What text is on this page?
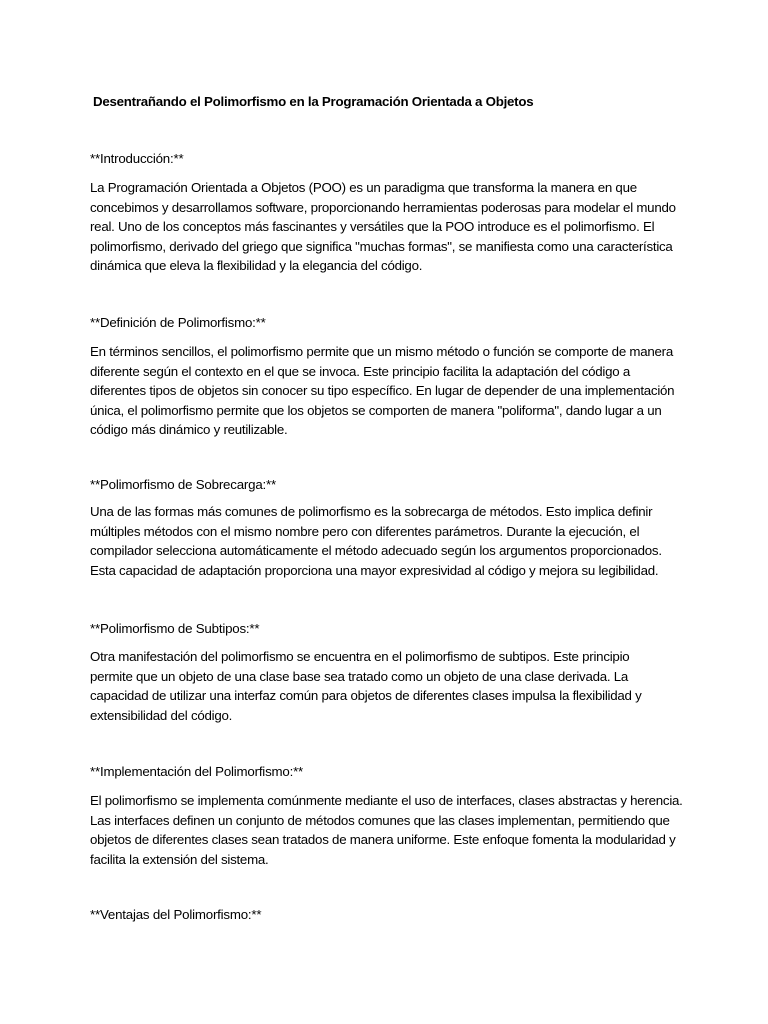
Desentrañando el Polimorfismo en la Programación Orientada a Objetos
**Introducción:**
La Programación Orientada a Objetos (POO) es un paradigma que transforma la manera en que
concebimos y desarrollamos software, proporcionando herramientas poderosas para modelar el mundo
real. Uno de los conceptos más fascinantes y versátiles que la POO introduce es el polimorfismo. El
polimorfismo, derivado del griego que significa "muchas formas", se manifiesta como una característica
dinámica que eleva la flexibilidad y la elegancia del código.
**Definición de Polimorfismo:**
En términos sencillos, el polimorfismo permite que un mismo método o función se comporte de manera
diferente según el contexto en el que se invoca. Este principio facilita la adaptación del código a
diferentes tipos de objetos sin conocer su tipo específico. En lugar de depender de una implementación
única, el polimorfismo permite que los objetos se comporten de manera "poliforma", dando lugar a un
código más dinámico y reutilizable.
**Polimorfismo de Sobrecarga:**
Una de las formas más comunes de polimorfismo es la sobrecarga de métodos. Esto implica definir
múltiples métodos con el mismo nombre pero con diferentes parámetros. Durante la ejecución, el
compilador selecciona automáticamente el método adecuado según los argumentos proporcionados.
Esta capacidad de adaptación proporciona una mayor expresividad al código y mejora su legibilidad.
**Polimorfismo de Subtipos:**
Otra manifestación del polimorfismo se encuentra en el polimorfismo de subtipos. Este principio
permite que un objeto de una clase base sea tratado como un objeto de una clase derivada. La
capacidad de utilizar una interfaz común para objetos de diferentes clases impulsa la flexibilidad y
extensibilidad del código.
**Implementación del Polimorfismo:**
El polimorfismo se implementa comúnmente mediante el uso de interfaces, clases abstractas y herencia.
Las interfaces definen un conjunto de métodos comunes que las clases implementan, permitiendo que
objetos de diferentes clases sean tratados de manera uniforme. Este enfoque fomenta la modularidad y
facilita la extensión del sistema.
**Ventajas del Polimorfismo:**
